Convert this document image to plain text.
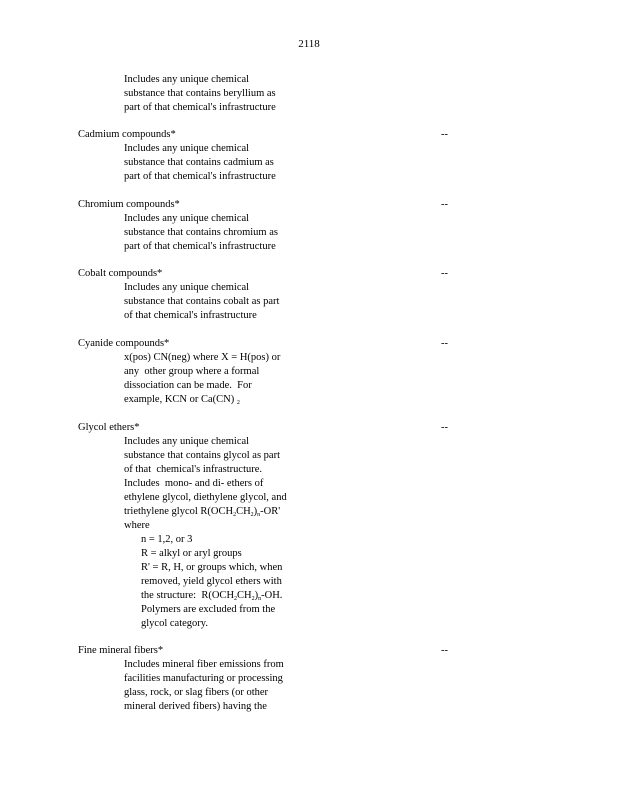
2118
Includes any unique chemical
substance that contains beryllium as
part of that chemical's infrastructure
Cadmium compounds*	--
Includes any unique chemical
substance that contains cadmium as
part of that chemical's infrastructure
Chromium compounds*	--
Includes any unique chemical
substance that contains chromium as
part of that chemical's infrastructure
Cobalt compounds*	--
Includes any unique chemical
substance that contains cobalt as part
of that chemical's infrastructure
Cyanide compounds*	--
x(pos) CN(neg) where X = H(pos) or
any  other group where a formal
dissociation can be made.  For
example, KCN or Ca(CN) $_2$
Glycol ethers*	--
Includes any unique chemical
substance that contains glycol as part
of that  chemical's infrastructure.
Includes  mono- and di- ethers of
ethylene glycol, diethylene glycol, and
triethylene glycol $R(OCH_2CH_2)_n-OR'$
where
n = 1,2, or 3
R = alkyl or aryl groups
R' = R, H, or groups which, when
removed, yield glycol ethers with
the structure:  $R(OCH_2CH_2)_n-OH$.
Polymers are excluded from the
glycol category.
Fine mineral fibers*	--
Includes mineral fiber emissions from
facilities manufacturing or processing
glass, rock, or slag fibers (or other
mineral derived fibers) having the
